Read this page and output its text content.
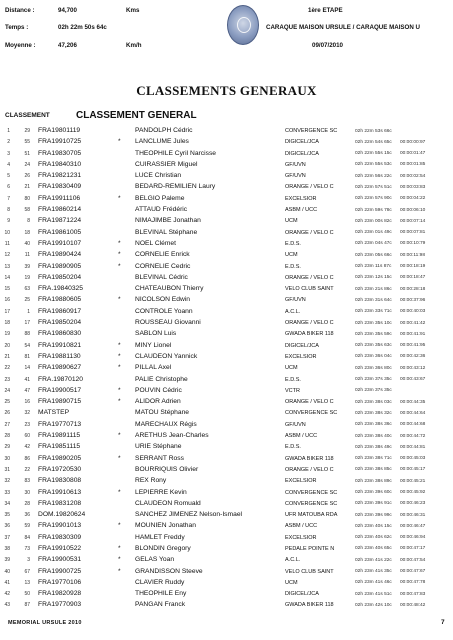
Distance :	94,700	Kms
Temps :	02h 22m 50s 64c
Moyenne :	47,206	Km/h
1ère ETAPE
CARAQUE MAISON URSULE / CARAQUE MAISON U
09/07/2010
CLASSEMENTS GENERAUX
CLASSEMENT	CLASSEMENT GENERAL
1	29 FRA19801119	PANDOLPH Cédric	CONVERGENCE SC	02h 22m 53s 66c
2	55 FRA19910725	* LANCLUME Jules	DIGICEL/JCA	02h 22m 54s 65c 00:00:00:97
3	51 FRA19830705	THEOPHILE Cyril Narcisse	DIGICEL/JCA	02h 22m 55s 15c 00:00:01:47
4	24 FRA19840310	CUIRASSIER Miguel	GF/UVN	02h 22m 55s 53c 00:00:01:85
5	26 FRA19821231	LUCE Christian	GF/UVN	02h 22m 56s 22c 00:00:02:54
6	21 FRA19830409	BEDARD-REMILIEN Laury	ORANGE / VELO C	02h 22m 57s 51c 00:00:03:83
7	80 FRA19911106	* BELGIO Paleme	EXCELSIOR	02h 22m 57s 90c 00:00:04:22
8	58 FRA19860214	ATTAUD Frédéric	ASBM / UCC	02h 22m 59s 78c 00:00:06:10
9	8 FRA19871224	NIMAJIMBE Jonathan	UCM	02h 23m 00s 82c 00:00:07:14
10	18 FRA19861005	BLEVINAL Stéphane	ORANGE / VELO C	02h 23m 01s 49c 00:00:07:81
11	40 FRA19910107	* NOEL Clémet	E.D.S.	02h 23m 04s 47c 00:00:10:79
12	11 FRA19890424	* CORNELIE Enrick	UCM	02h 23m 05s 66c 00:00:11:98
13	39 FRA19890905	* CORNELIE Cedric	E.D.S.	02h 23m 11s 87c 00:00:18:19
14	19 FRA19850204	BLEVINAL Cédric	ORANGE / VELO C	02h 23m 12s 15c 00:00:18:47
15	63 FRA.19840325	CHATEAUBON Thierry	VELO CLUB SAINT	02h 23m 21s 86c 00:00:28:18
16	25 FRA19880605	* NICOLSON Edwin	GF/UVN	02h 23m 31s 64c 00:00:37:96
17	1 FRA19860917	CONTROLE Yoann	A.C.L.	02h 23m 33s 71c 00:00:40:03
18	17 FRA19850204	ROUSSEAU Giovanni	ORANGE / VELO C	02h 23m 35s 10c 00:00:41:42
19	88 FRA19860830	SABLON Luis	GWADA BIKER 118	02h 23m 35s 59c 00:00:41:91
20	54 FRA19910821	* MINY Lionel	DIGICEL/JCA	02h 23m 35s 63c 00:00:41:95
21	81 FRA19881130	* CLAUDEON Yannick	EXCELSIOR	02h 23m 36s 04c 00:00:42:36
22	14 FRA19890627	* PILLAL Axel	UCM	02h 23m 36s 80c 00:00:43:12
23	41 FRA.19870120	PALIE Christophe	E.D.S.	02h 23m 37s 35c 00:00:43:67
24	47 FRA19900517	* POUVIN Cédric	VCTR	02h 23m 37s 35c
25	16 FRA19890715	* ALIDOR Adrien	ORANGE / VELO C	02h 23m 38s 03c 00:00:44:35
26	32 MATSTEP	MATOU Stéphane	CONVERGENCE SC	02h 23m 38s 32c 00:00:44:64
27	23 FRA19770713	MARECHAUX Régis	GF/UVN	02h 23m 38s 36c 00:00:44:68
28	60 FRA19891115	* ARETHUS Jean-Charles	ASBM / UCC	02h 23m 38s 40c 00:00:44:72
29	42 FRA19851115	URIE Stéphane	E.D.S.	02h 23m 38s 49c 00:00:44:81
30	86 FRA19890205	* SERRANT Ross	GWADA BIKER 118	02h 23m 38s 71c 00:00:45:03
31	22 FRA19720530	BOURRIQUIS Olivier	ORANGE / VELO C	02h 23m 38s 85c 00:00:45:17
32	83 FRA19830808	REX Rony	EXCELSIOR	02h 23m 38s 89c 00:00:45:21
33	30 FRA19910613	* LEPIERRE Kevin	CONVERGENCE SC	02h 23m 39s 60c 00:00:45:92
34	28 FRA19831208	CLAUDEON Romuald	CONVERGENCE SC	02h 23m 39s 91c 00:00:46:23
35	36 DOM.19820624	SANCHEZ JIMENEZ Nelson-Ismael	UFR MATOUBA RDA	02h 23m 39s 99c 00:00:46:31
36	59 FRA19901013	* MOUNIEN Jonathan	ASBM / UCC	02h 23m 40s 15c 00:00:46:47
37	84 FRA19830309	HAMLET Freddy	EXCELSIOR	02h 23m 40s 62c 00:00:46:94
38	73 FRA19910522	* BLONDIN Gregory	PEDALE POINTE N	02h 23m 40s 65c 00:00:47:17
39	3 FRA19900531	* GELAS Yoan	A.C.L.	02h 23m 41s 22c 00:00:47:54
40	67 FRA19900725	* GRANDISSON Steeve	VELO CLUB SAINT	02h 23m 41s 35c 00:00:47:67
41	13 FRA19770106	CLAVIER Ruddy	UCM	02h 23m 41s 46c 00:00:47:78
42	50 FRA19820928	THEOPHILE Eny	DIGICEL/JCA	02h 23m 41s 51c 00:00:47:83
43	87 FRA19770903	PANGAN Franck	GWADA BIKER 118	02h 23m 42s 10c 00:00:48:42
MEMORIAL URSULE 2010	7
